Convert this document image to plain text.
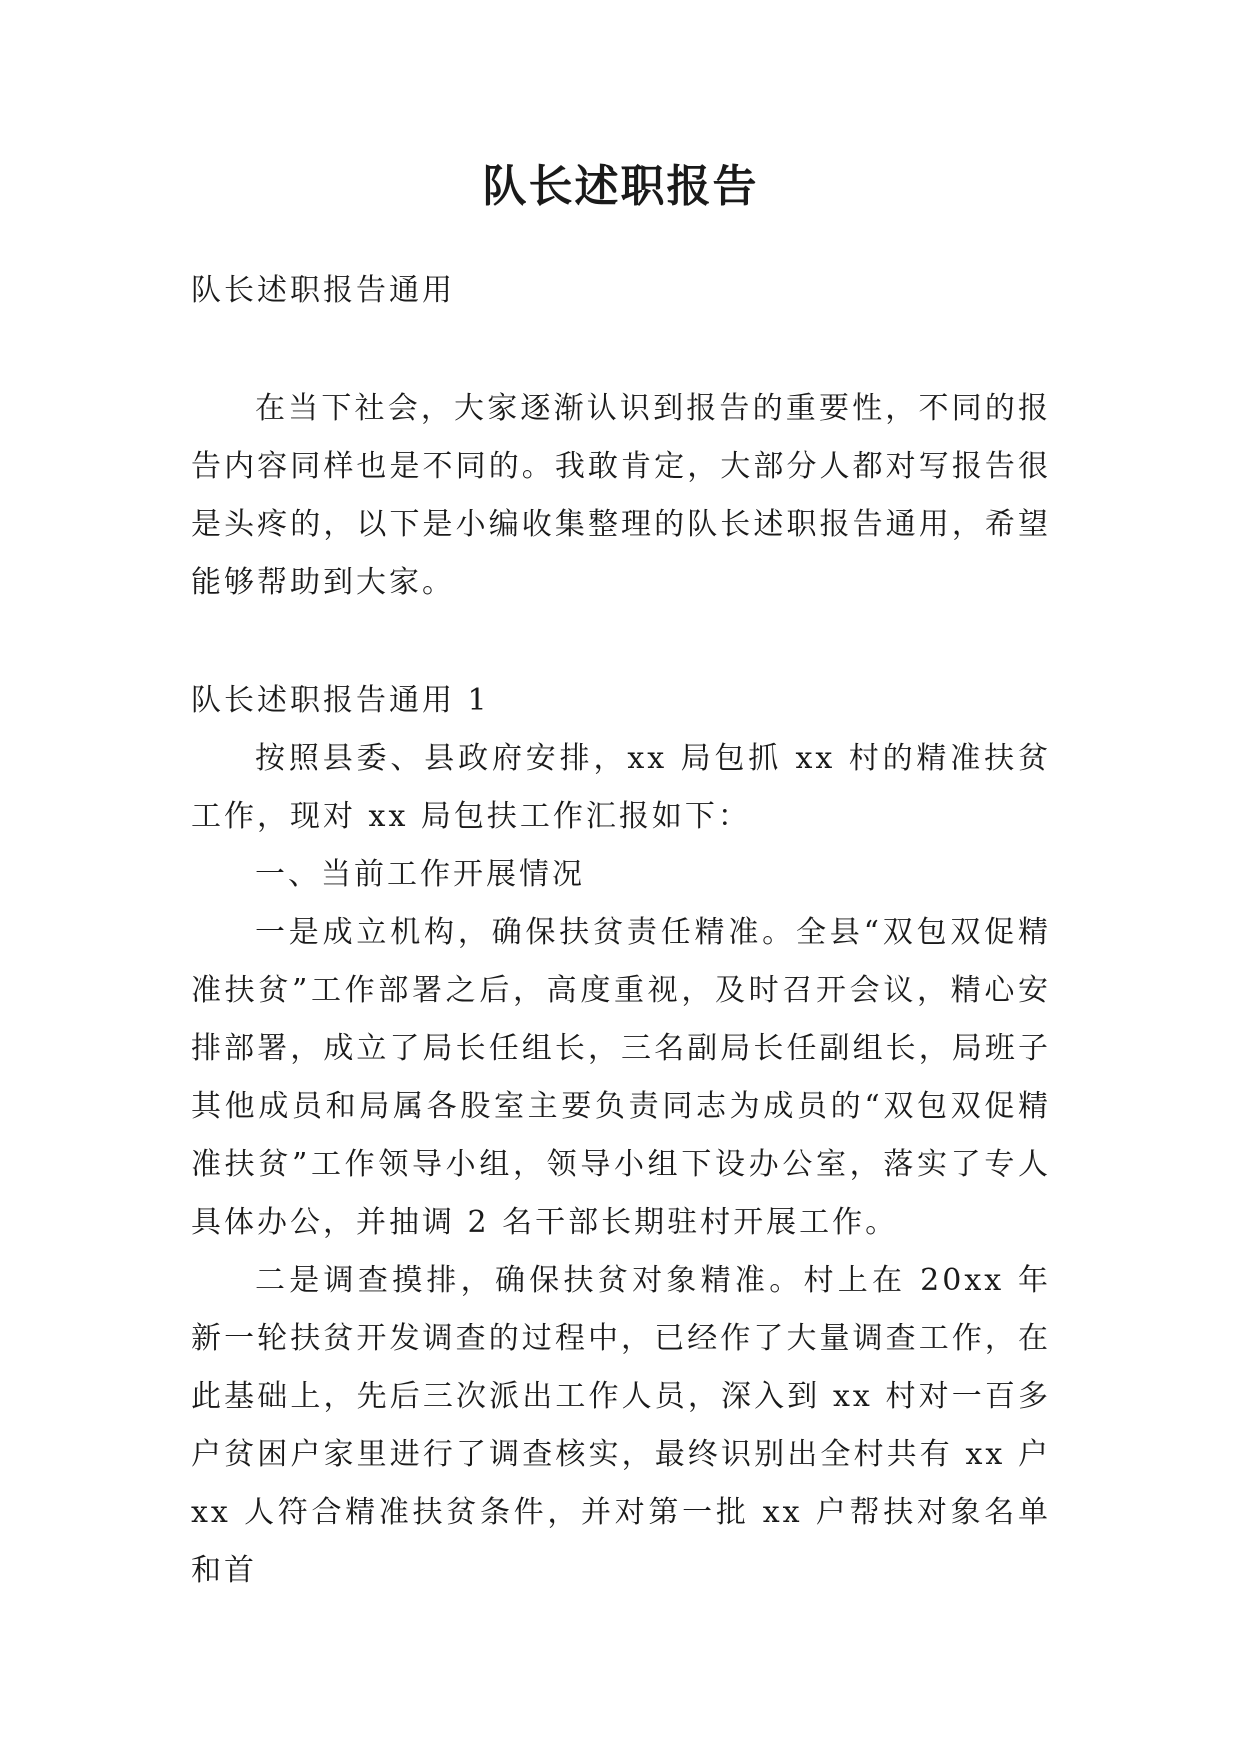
队长述职报告

队长述职报告通用

在当下社会，大家逐渐认识到报告的重要性，不同的报告内容同样也是不同的。我敢肯定，大部分人都对写报告很是头疼的，以下是小编收集整理的队长述职报告通用，希望能够帮助到大家。

队长述职报告通用 1

按照县委、县政府安排，xx 局包抓 xx 村的精准扶贫工作，现对 xx 局包扶工作汇报如下：

一、当前工作开展情况

一是成立机构，确保扶贫责任精准。全县“双包双促精准扶贫”工作部署之后，高度重视，及时召开会议，精心安排部署，成立了局长任组长，三名副局长任副组长，局班子其他成员和局属各股室主要负责同志为成员的“双包双促精准扶贫”工作领导小组，领导小组下设办公室，落实了专人具体办公，并抽调 2 名干部长期驻村开展工作。

二是调查摸排，确保扶贫对象精准。村上在 20xx 年新一轮扶贫开发调查的过程中，已经作了大量调查工作，在此基础上，先后三次派出工作人员，深入到 xx 村对一百多户贫困户家里进行了调查核实，最终识别出全村共有 xx 户 xx 人符合精准扶贫条件，并对第一批 xx 户帮扶对象名单和首
